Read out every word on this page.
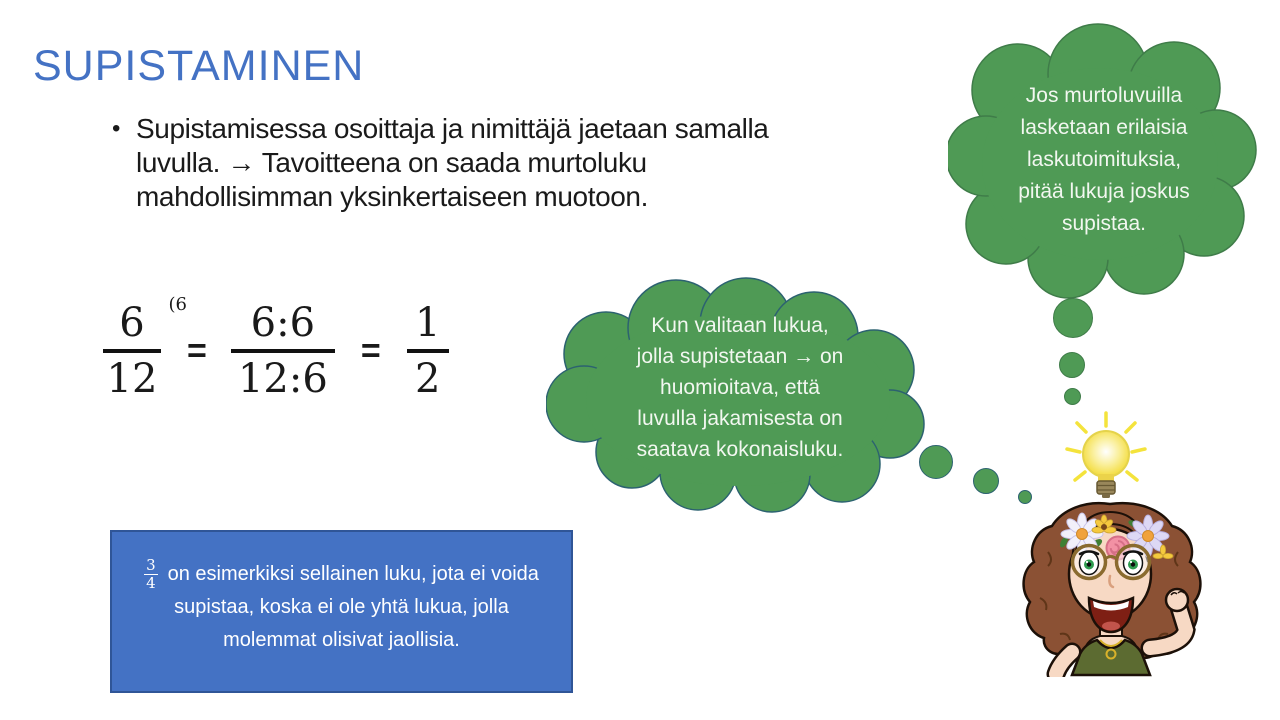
SUPISTAMINEN
• Supistamisessa osoittaja ja nimittäjä jaetaan samalla
luvulla. → Tavoitteena on saada murtoluku
mahdollisimman yksinkertaiseen muotoon.
(6
6
12
= $\frac{6:6}{12:6} = \frac{1}{2}$
Jos murtoluvuilla
lasketaan erilaisia
laskutoimituksia,
pitää lukuja joskus
supistaa.
Kun valitaan lukua,
jolla supistetaan → on
huomioitava, että
luvulla jakamisesta on
saatava kokonaisluku.
$\frac{3}{4}$ on esimerkiksi sellainen luku, jota ei voida
supistaa, koska ei ole yhtä lukua, jolla
molemmat olisivat jaollisia.
